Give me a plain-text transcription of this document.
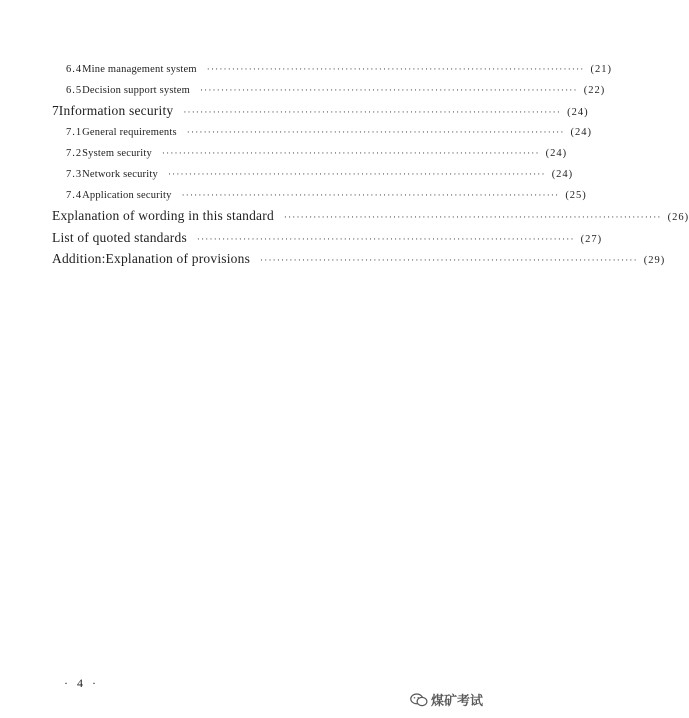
6.4 Mine management system ·························································································· (21)
6.5 Decision support system ·························································································· (22)
7 Information security ·························································································· (24)
7.1 General requirements ·························································································· (24)
7.2 System security ·························································································· (24)
7.3 Network security ·························································································· (24)
7.4 Application security ·························································································· (25)
Explanation of wording in this standard ·························································································· (26)
List of quoted standards ·························································································· (27)
Addition:Explanation of provisions ·························································································· (29)
· 4 ·
煤矿考试
